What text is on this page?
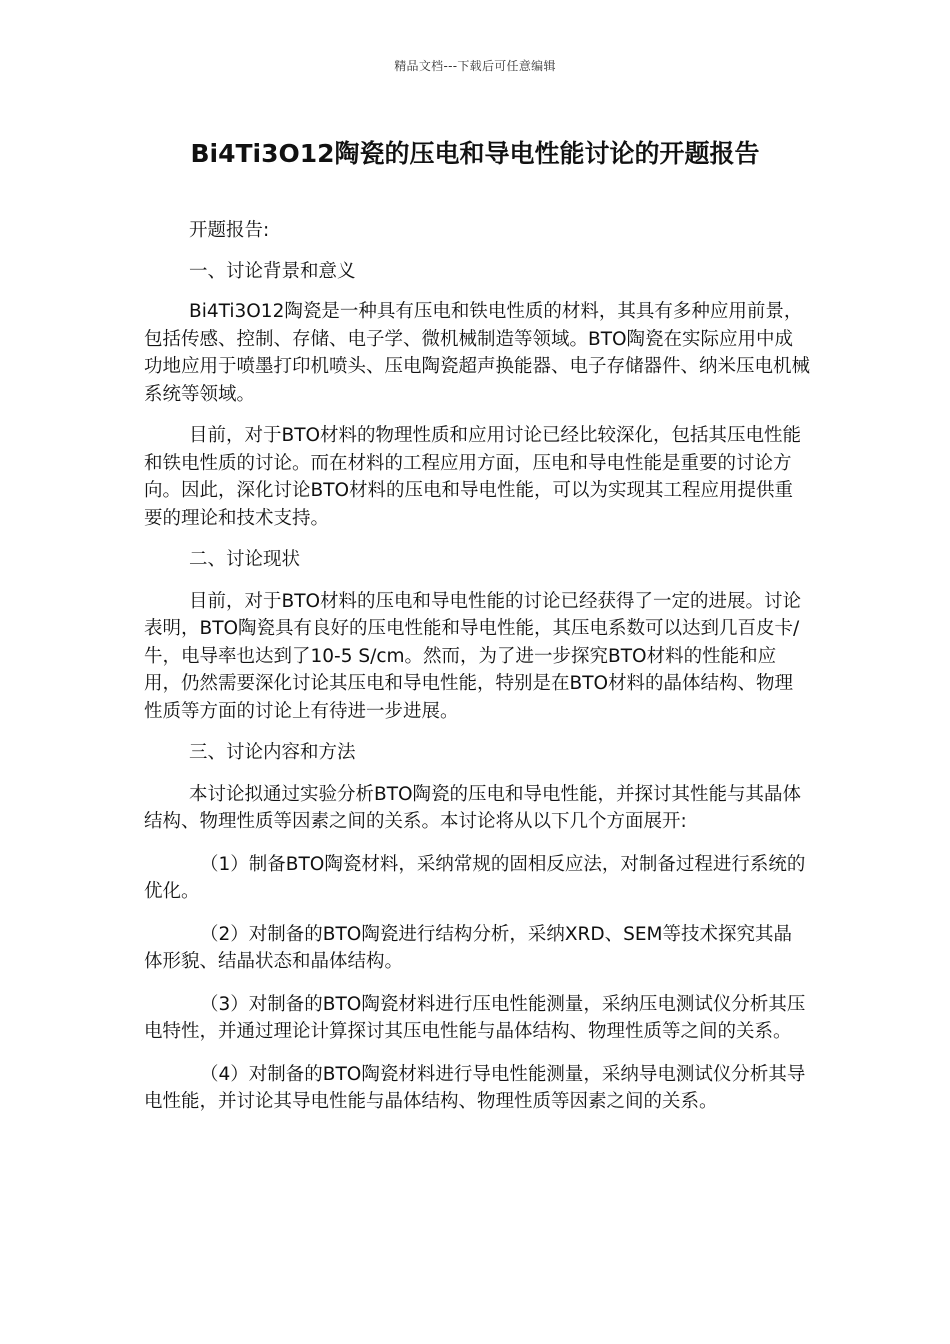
精品文档---下载后可任意编辑
Bi4Ti3O12陶瓷的压电和导电性能讨论的开题报告

开题报告:

一、讨论背景和意义

Bi4Ti3O12陶瓷是一种具有压电和铁电性质的材料，其具有多种应用前景，包括传感、控制、存储、电子学、微机械制造等领域。BTO陶瓷在实际应用中成功地应用于喷墨打印机喷头、压电陶瓷超声换能器、电子存储器件、纳米压电机械系统等领域。

目前，对于BTO材料的物理性质和应用讨论已经比较深化，包括其压电性能和铁电性质的讨论。而在材料的工程应用方面，压电和导电性能是重要的讨论方向。因此，深化讨论BTO材料的压电和导电性能，可以为实现其工程应用提供重要的理论和技术支持。

二、讨论现状

目前，对于BTO材料的压电和导电性能的讨论已经获得了一定的进展。讨论表明，BTO陶瓷具有良好的压电性能和导电性能，其压电系数可以达到几百皮卡/牛，电导率也达到了10-5 S/cm。然而，为了进一步探究BTO材料的性能和应用，仍然需要深化讨论其压电和导电性能，特别是在BTO材料的晶体结构、物理性质等方面的讨论上有待进一步进展。

三、讨论内容和方法

本讨论拟通过实验分析BTO陶瓷的压电和导电性能，并探讨其性能与其晶体结构、物理性质等因素之间的关系。本讨论将从以下几个方面展开:

（1）制备BTO陶瓷材料，采纳常规的固相反应法，对制备过程进行系统的优化。

（2）对制备的BTO陶瓷进行结构分析，采纳XRD、SEM等技术探究其晶体形貌、结晶状态和晶体结构。

（3）对制备的BTO陶瓷材料进行压电性能测量，采纳压电测试仪分析其压电特性，并通过理论计算探讨其压电性能与晶体结构、物理性质等之间的关系。

（4）对制备的BTO陶瓷材料进行导电性能测量，采纳导电测试仪分析其导电性能，并讨论其导电性能与晶体结构、物理性质等因素之间的关系。
